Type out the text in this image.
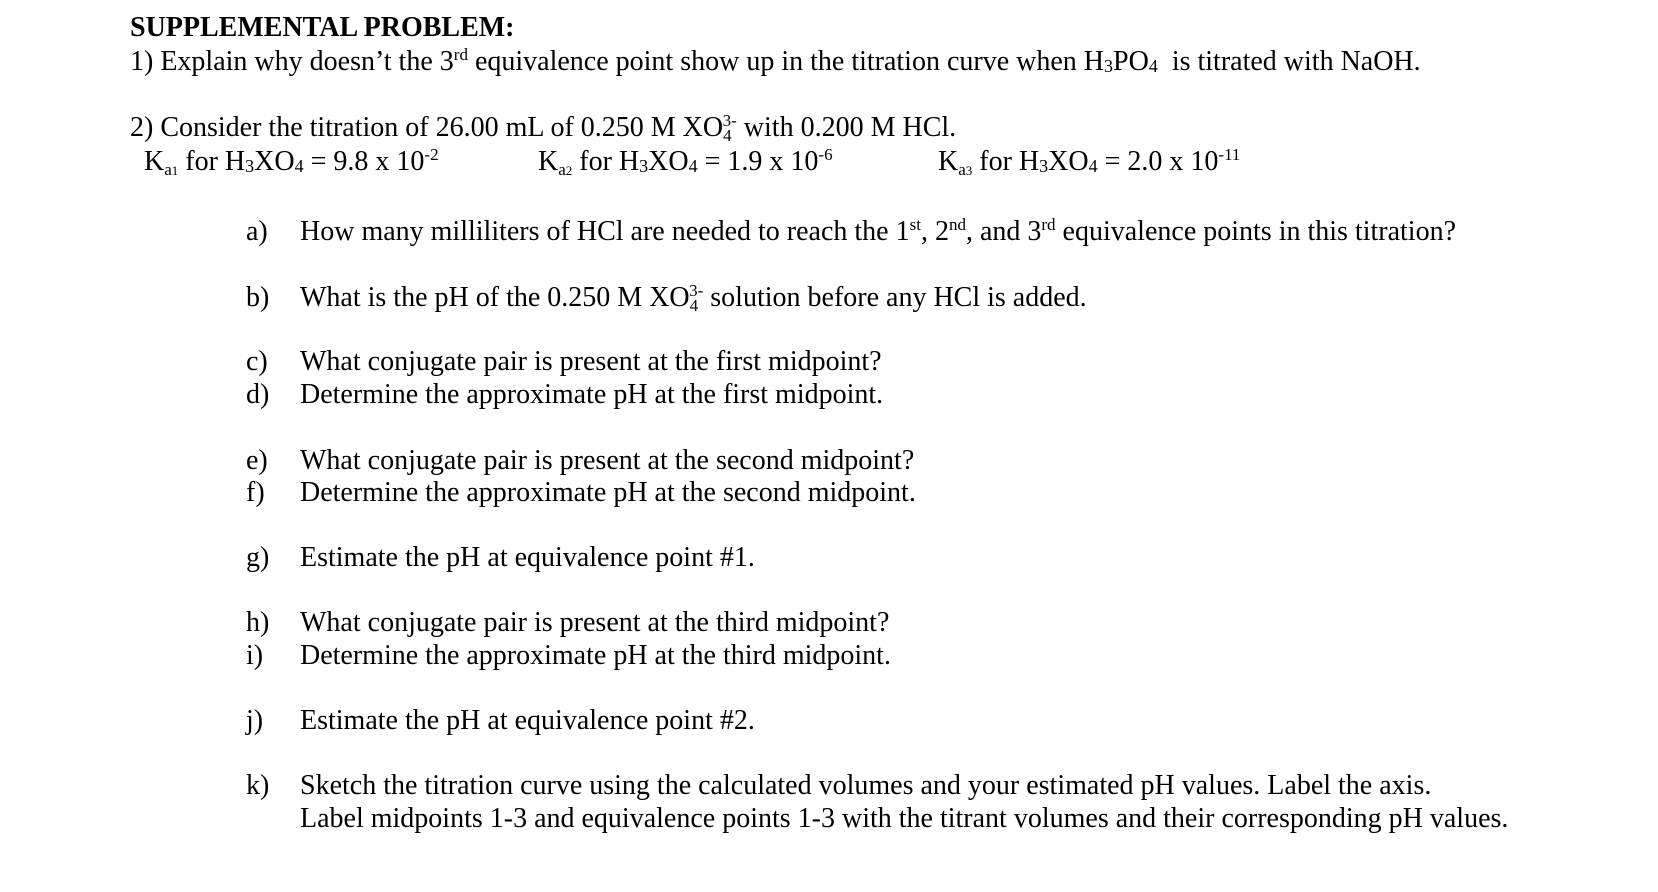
SUPPLEMENTAL PROBLEM:
1) Explain why doesn’t the 3rd equivalence point show up in the titration curve when H3PO4  is titrated with NaOH.
2) Consider the titration of 26.00 mL of 0.250 M $XO_4^{3-}$ with 0.200 M HCl.
$K_{a1}$ for H3XO4 = 9.8 x $10^{-2}$	$K_{a2}$ for H3XO4 = 1.9 x $10^{-6}$	$K_{a3}$ for H3XO4 = 2.0 x $10^{-11}$
a) How many milliliters of HCl are needed to reach the 1st, 2nd, and 3rd equivalence points in this titration?
b) What is the pH of the 0.250 M $XO_4^{3-}$ solution before any HCl is added.
c) What conjugate pair is present at the first midpoint?
d) Determine the approximate pH at the first midpoint.
e) What conjugate pair is present at the second midpoint?
f) Determine the approximate pH at the second midpoint.
g) Estimate the pH at equivalence point #1.
h) What conjugate pair is present at the third midpoint?
i) Determine the approximate pH at the third midpoint.
j) Estimate the pH at equivalence point #2.
k) Sketch the titration curve using the calculated volumes and your estimated pH values. Label the axis.
Label midpoints 1-3 and equivalence points 1-3 with the titrant volumes and their corresponding pH values.
